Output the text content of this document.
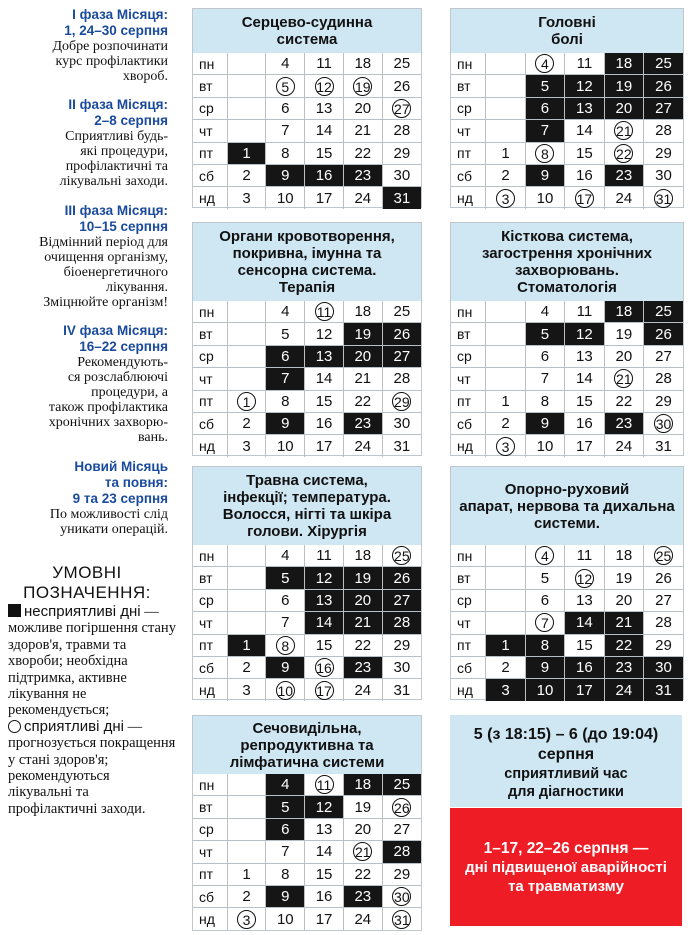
I фаза Місяця:
1, 24–30 серпня
Добре розпочинати
курс профілактики
хвороб.
II фаза Місяця:
2–8 серпня
Сприятливі будь-
які процедури,
профілактичні та
лікувальні заходи.
III фаза Місяця:
10–15 серпня
Відмінний період для
очищення організму,
біоенергетичного
лікування.
Зміцнюйте організм!
IV фаза Місяця:
16–22 серпня
Рекомендують-
ся розслаблюючі
процедури, а
також профілактика
хронічних захворю-
вань.
Новий Місяць
та повня:
9 та 23 серпня
По можливості слід
уникати операцій.
УМОВНІ
ПОЗНАЧЕННЯ:
несприятливі дні — можливе погіршення стану здоров'я, травми та хвороби; необхідна підтримка, активне лікування не рекомендується;
сприятливі дні — прогнозується покращення у стані здоров'я; рекомендуються лікувальні та профілактичні заходи.
Серцево-судинна
система
пн		4	11	18	25
вт		5	12	19	26
ср		6	13	20	27
чт		7	14	21	28
пт	1	8	15	22	29
сб	2	9	16	23	30
нд	3	10	17	24	31
Головні
болі
пн		4	11	18	25
вт		5	12	19	26
ср		6	13	20	27
чт		7	14	21	28
пт	1	8	15	22	29
сб	2	9	16	23	30
нд	3	10	17	24	31
Органи кровотворення,
покривна, імунна та
сенсорна система.
Терапія
пн		4	11	18	25
вт		5	12	19	26
ср		6	13	20	27
чт		7	14	21	28
пт	1	8	15	22	29
сб	2	9	16	23	30
нд	3	10	17	24	31
Кісткова система,
загострення хронічних
захворювань.
Стоматологія
пн		4	11	18	25
вт		5	12	19	26
ср		6	13	20	27
чт		7	14	21	28
пт	1	8	15	22	29
сб	2	9	16	23	30
нд	3	10	17	24	31
Травна система,
інфекції; температура.
Волосся, нігті та шкіра
голови. Хірургія
пн		4	11	18	25
вт		5	12	19	26
ср		6	13	20	27
чт		7	14	21	28
пт	1	8	15	22	29
сб	2	9	16	23	30
нд	3	10	17	24	31
Опорно-руховий
апарат, нервова та дихальна
системи.
пн		4	11	18	25
вт		5	12	19	26
ср		6	13	20	27
чт		7	14	21	28
пт	1	8	15	22	29
сб	2	9	16	23	30
нд	3	10	17	24	31
Сечовидільна,
репродуктивна та
лімфатична системи
пн		4	11	18	25
вт		5	12	19	26
ср		6	13	20	27
чт		7	14	21	28
пт	1	8	15	22	29
сб	2	9	16	23	30
нд	3	10	17	24	31
5 (з 18:15) – 6 (до 19:04)
серпня
сприятливий час
для діагностики
1–17, 22–26 серпня —
дні підвищеної аварійності
та травматизму
